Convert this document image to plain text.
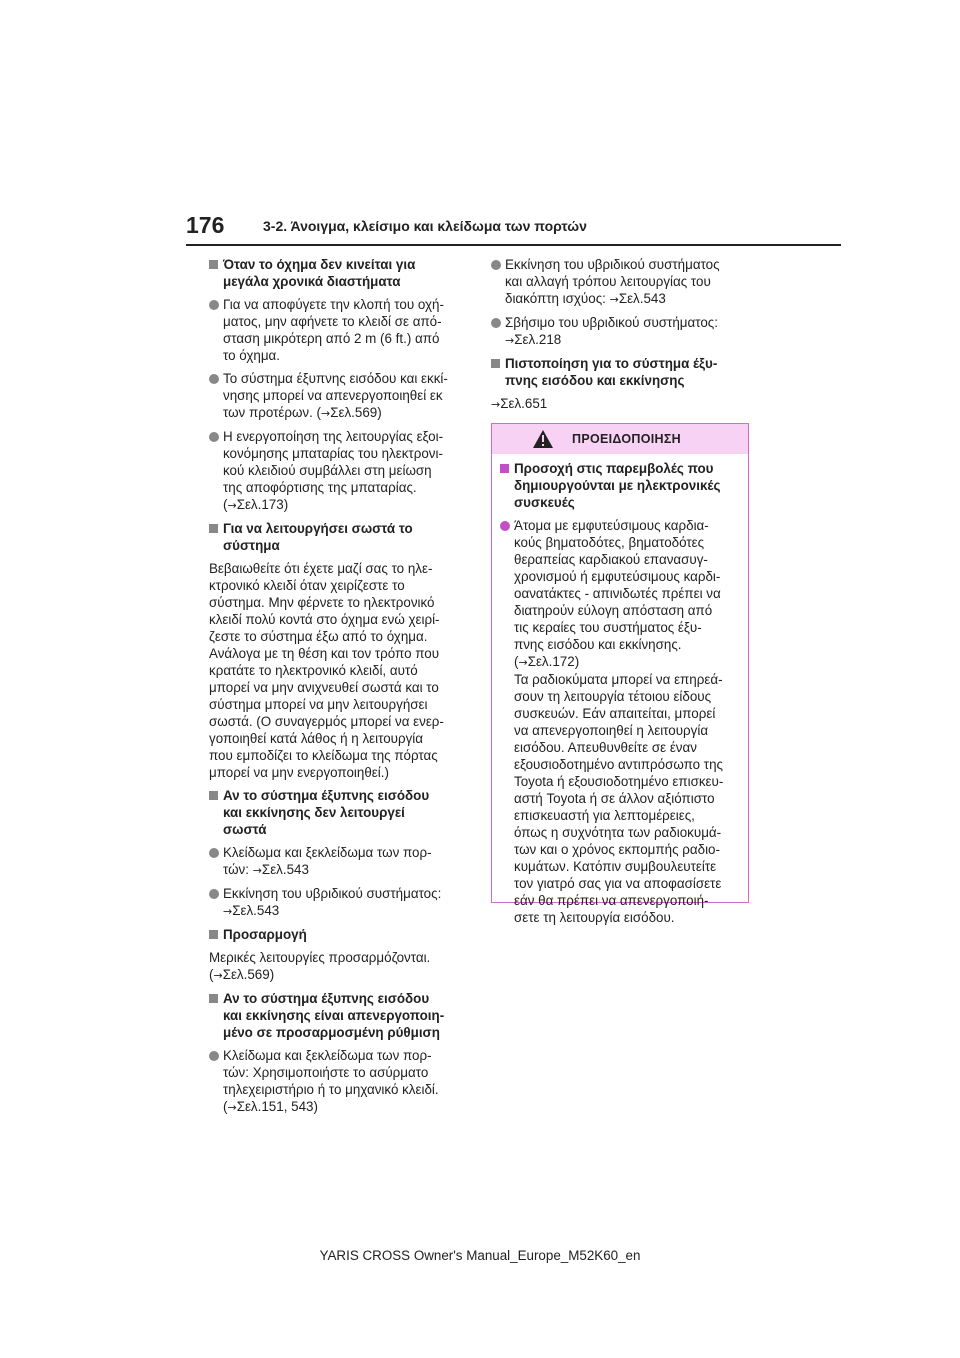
176	3-2. Άνοιγμα, κλείσιμο και κλείδωμα των πορτών
Όταν το όχημα δεν κινείται για
μεγάλα χρονικά διαστήματα
Για να αποφύγετε την κλοπή του οχή-
ματος, μην αφήνετε το κλειδί σε από-
σταση μικρότερη από 2 m (6 ft.) από
το όχημα.
Το σύστημα έξυπνης εισόδου και εκκί-
νησης μπορεί να απενεργοποιηθεί εκ
των προτέρων. (→Σελ.569)
Η ενεργοποίηση της λειτουργίας εξοι-
κονόμησης μπαταρίας του ηλεκτρονι-
κού κλειδιού συμβάλλει στη μείωση
της αποφόρτισης της μπαταρίας.
(→Σελ.173)
Για να λειτουργήσει σωστά το
σύστημα
Βεβαιωθείτε ότι έχετε μαζί σας το ηλε-
κτρονικό κλειδί όταν χειρίζεστε το
σύστημα. Μην φέρνετε το ηλεκτρονικό
κλειδί πολύ κοντά στο όχημα ενώ χειρί-
ζεστε το σύστημα έξω από το όχημα.
Ανάλογα με τη θέση και τον τρόπο που
κρατάτε το ηλεκτρονικό κλειδί, αυτό
μπορεί να μην ανιχνευθεί σωστά και το
σύστημα μπορεί να μην λειτουργήσει
σωστά. (Ο συναγερμός μπορεί να ενερ-
γοποιηθεί κατά λάθος ή η λειτουργία
που εμποδίζει το κλείδωμα της πόρτας
μπορεί να μην ενεργοποιηθεί.)
Αν το σύστημα έξυπνης εισόδου
και εκκίνησης δεν λειτουργεί
σωστά
Κλείδωμα και ξεκλείδωμα των πορ-
τών: →Σελ.543
Εκκίνηση του υβριδικού συστήματος:
→Σελ.543
Προσαρμογή
Μερικές λειτουργίες προσαρμόζονται.
(→Σελ.569)
Αν το σύστημα έξυπνης εισόδου
και εκκίνησης είναι απενεργοποιη-
μένο σε προσαρμοσμένη ρύθμιση
Κλείδωμα και ξεκλείδωμα των πορ-
τών: Χρησιμοποιήστε το ασύρματο
τηλεχειριστήριο ή το μηχανικό κλειδί.
(→Σελ.151, 543)
Εκκίνηση του υβριδικού συστήματος
και αλλαγή τρόπου λειτουργίας του
διακόπτη ισχύος: →Σελ.543
Σβήσιμο του υβριδικού συστήματος:
→Σελ.218
Πιστοποίηση για το σύστημα έξυ-
πνης εισόδου και εκκίνησης
→Σελ.651
ΠΡΟΕΙΔΟΠΟΙΗΣΗ
Προσοχή στις παρεμβολές που
δημιουργούνται με ηλεκτρονικές
συσκευές
Άτομα με εμφυτεύσιμους καρδια-
κούς βηματοδότες, βηματοδότες
θεραπείας καρδιακού επανασυγ-
χρονισμού ή εμφυτεύσιμους καρδι-
οανατάκτες - απινιδωτές πρέπει να
διατηρούν εύλογη απόσταση από
τις κεραίες του συστήματος έξυ-
πνης εισόδου και εκκίνησης.
(→Σελ.172)
Τα ραδιοκύματα μπορεί να επηρεά-
σουν τη λειτουργία τέτοιου είδους
συσκευών. Εάν απαιτείται, μπορεί
να απενεργοποιηθεί η λειτουργία
εισόδου. Απευθυνθείτε σε έναν
εξουσιοδοτημένο αντιπρόσωπο της
Toyota ή εξουσιοδοτημένο επισκευ-
αστή Toyota ή σε άλλον αξιόπιστο
επισκευαστή για λεπτομέρειες,
όπως η συχνότητα των ραδιοκυμά-
των και ο χρόνος εκπομπής ραδιο-
κυμάτων. Κατόπιν συμβουλευτείτε
τον γιατρό σας για να αποφασίσετε
εάν θα πρέπει να απενεργοποιή-
σετε τη λειτουργία εισόδου.
YARIS CROSS Owner's Manual_Europe_M52K60_en
